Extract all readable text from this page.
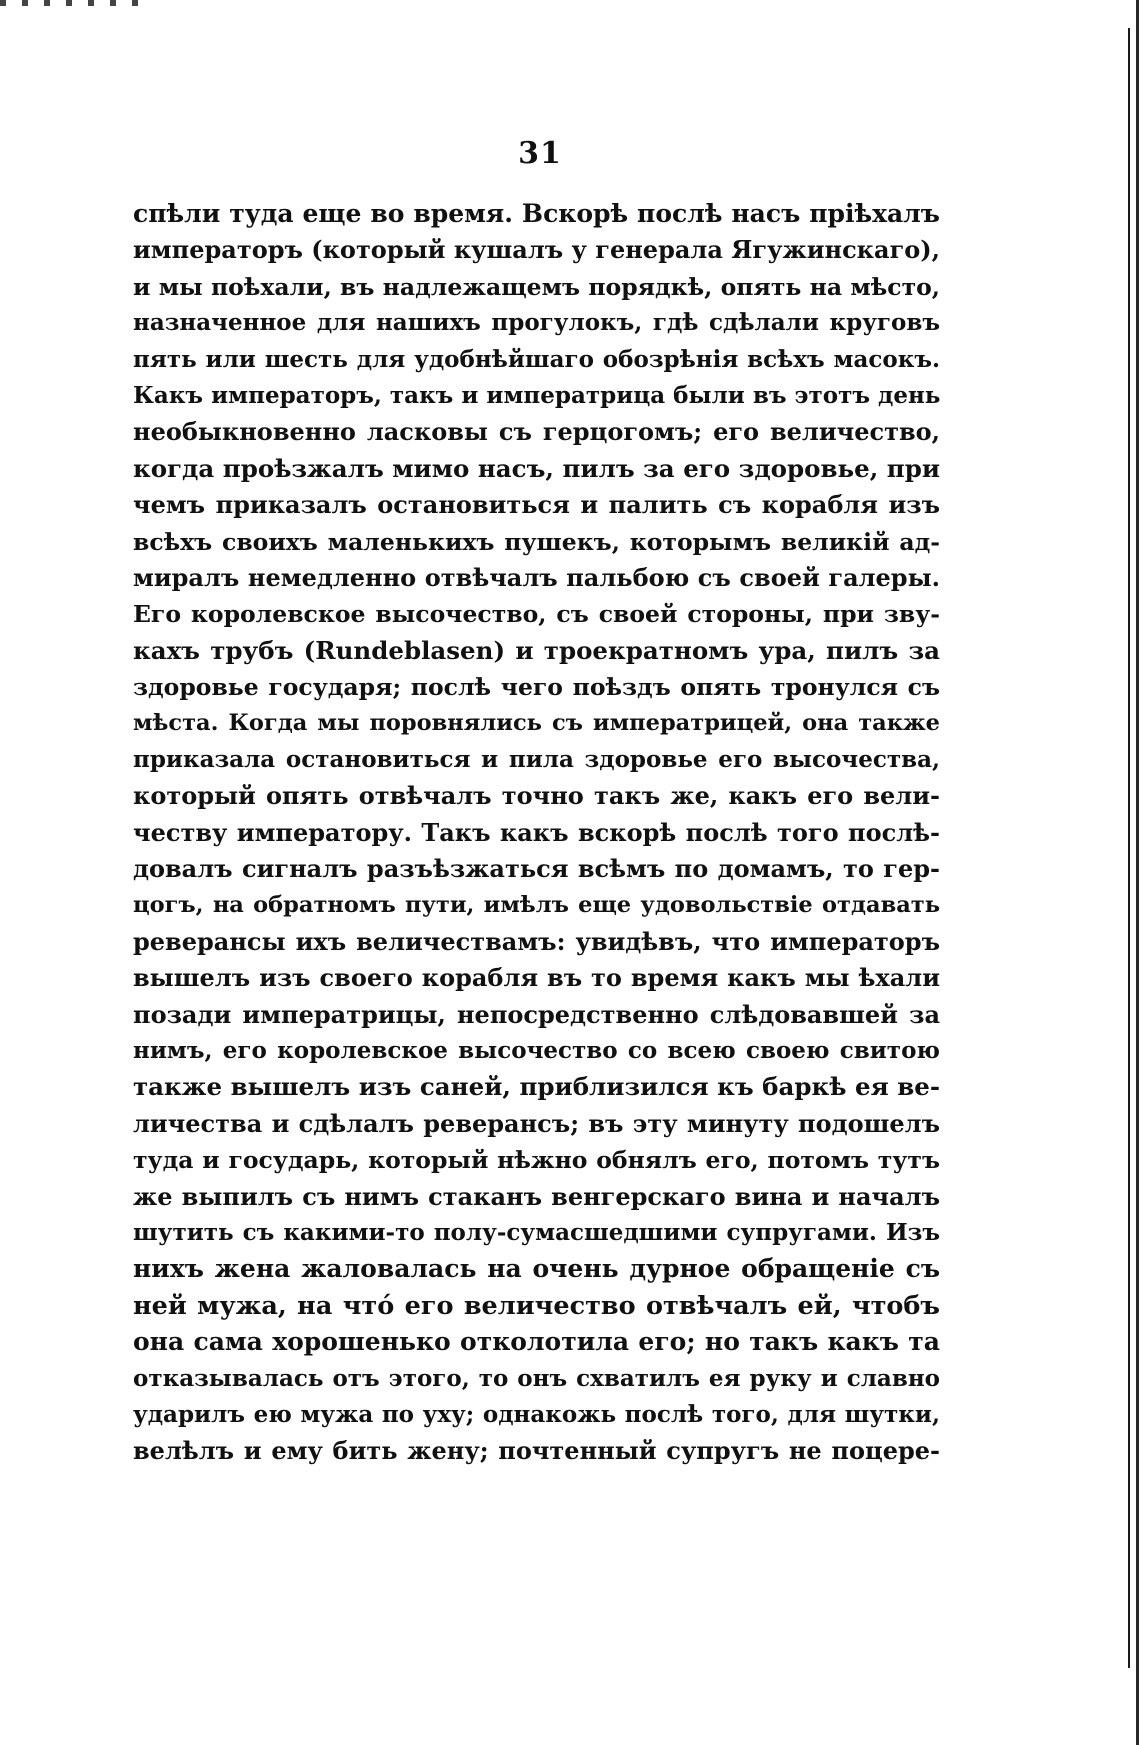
31
спѣли туда еще во время. Вскорѣ послѣ насъ пріѣхалъ
императоръ (который кушалъ у генерала Ягужинскаго),
и мы поѣхали, въ надлежащемъ порядкѣ, опять на мѣсто,
назначенное для нашихъ прогулокъ, гдѣ сдѣлали круговъ
пять или шесть для удобнѣйшаго обозрѣнія всѣхъ масокъ.
Какъ императоръ, такъ и императрица были въ этотъ день
необыкновенно ласковы съ герцогомъ; его величество,
когда проѣзжалъ мимо насъ, пилъ за его здоровье, при
чемъ приказалъ остановиться и палить съ корабля изъ
всѣхъ своихъ маленькихъ пушекъ, которымъ великій ад-
миралъ немедленно отвѣчалъ пальбою съ своей галеры.
Его королевское высочество, съ своей стороны, при зву-
кахъ трубъ (Rundeblasen) и троекратномъ ура, пилъ за
здоровье государя; послѣ чего поѣздъ опять тронулся съ
мѣста. Когда мы поровнялись съ императрицей, она также
приказала остановиться и пила здоровье его высочества,
который опять отвѣчалъ точно такъ же, какъ его вели-
честву императору. Такъ какъ вскорѣ послѣ того послѣ-
довалъ сигналъ разъѣзжаться всѣмъ по домамъ, то гер-
цогъ, на обратномъ пути, имѣлъ еще удовольствіе отдавать
реверансы ихъ величествамъ: увидѣвъ, что императоръ
вышелъ изъ своего корабля въ то время какъ мы ѣхали
позади императрицы, непосредственно слѣдовавшей за
нимъ, его королевское высочество со всею своею свитою
также вышелъ изъ саней, приблизился къ баркѣ ея ве-
личества и сдѣлалъ реверансъ; въ эту минуту подошелъ
туда и государь, который нѣжно обнялъ его, потомъ тутъ
же выпилъ съ нимъ стаканъ венгерскаго вина и началъ
шутить съ какими-то полу-сумасшедшими супругами. Изъ
нихъ жена жаловалась на очень дурное обращеніе съ
ней мужа, на чтó его величество отвѣчалъ ей, чтобъ
она сама хорошенько отколотила его; но такъ какъ та
отказывалась отъ этого, то онъ схватилъ ея руку и славно
ударилъ ею мужа по уху; однакожь послѣ того, для шутки,
велѣлъ и ему бить жену; почтенный супругъ не поцере-
